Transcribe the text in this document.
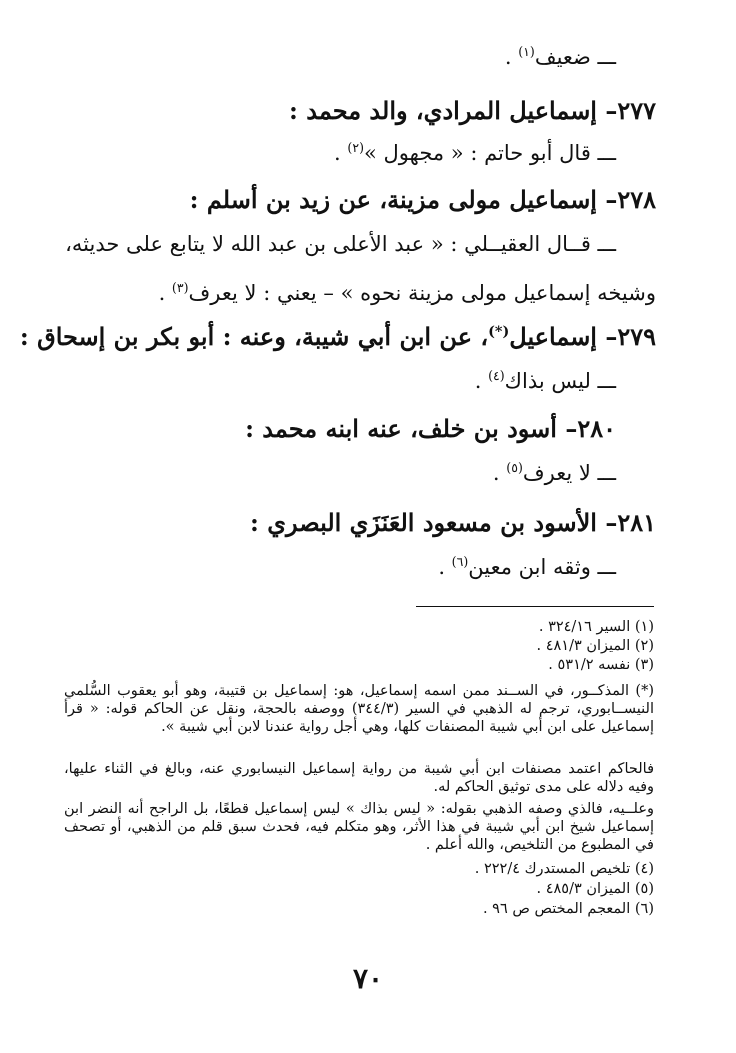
ـــ ضعيف$^{(١)}$ .
٢٧٧– إسماعيل المرادي، والد محمد :
ـــ قال أبو حاتم : « مجهول »$^{(٢)}$ .
٢٧٨– إسماعيل مولى مزينة، عن زيد بن أسلم :
ـــ قــال العقيــلي : « عبد الأعلى بن عبد الله لا يتابع على حديثه،
وشيخه إسماعيل مولى مزينة نحوه » – يعني : لا يعرف$^{(٣)}$ .
٢٧٩– إسماعيل(*)، عن ابن أبي شيبة، وعنه : أبو بكر بن إسحاق :
ـــ ليس بذاك$^{(٤)}$ .
٢٨٠– أسود بن خلف، عنه ابنه محمد :
ـــ لا يعرف$^{(٥)}$ .
٢٨١– الأسود بن مسعود العَنَزَي البصري :
ـــ وثقه ابن معين$^{(٦)}$ .
(١) السير ٣٢٤/١٦ .
(٢) الميزان ٤٨١/٣ .
(٣) نفسه ٥٣١/٢ .
(*) المذكــور، في الســند ممن اسمه إسماعيل، هو: إسماعيل بن قتيبة، وهو أبو يعقوب السُّلمي النيســابوري، ترجم له الذهبي في السير (٣٤٤/٣) ووصفه بالحجة، ونقل عن الحاكم قوله: « قرأ إسماعيل على ابن أبي شيبة المصنفات كلها، وهي أجل رواية عندنا لابن أبي شيبة ».
فالحاكم اعتمد مصنفات ابن أبي شيبة من رواية إسماعيل النيسابوري عنه، وبالغ في الثناء عليها، وفيه دلاله على مدى توثيق الحاكم له.
وعلــيه، فالذي وصفه الذهبي بقوله: « ليس بذاك » ليس إسماعيل قطعًا، بل الراجح أنه النضر ابن إسماعيل شيخ ابن أبي شيبة في هذا الأثر، وهو متكلم فيه، فحدث سبق قلم من الذهبي، أو تصحف في المطبوع من التلخيص، والله أعلم .
(٤) تلخيص المستدرك ٢٢٢/٤ .
(٥) الميزان ٤٨٥/٣ .
(٦) المعجم المختص ص ٩٦ .
٧٠
